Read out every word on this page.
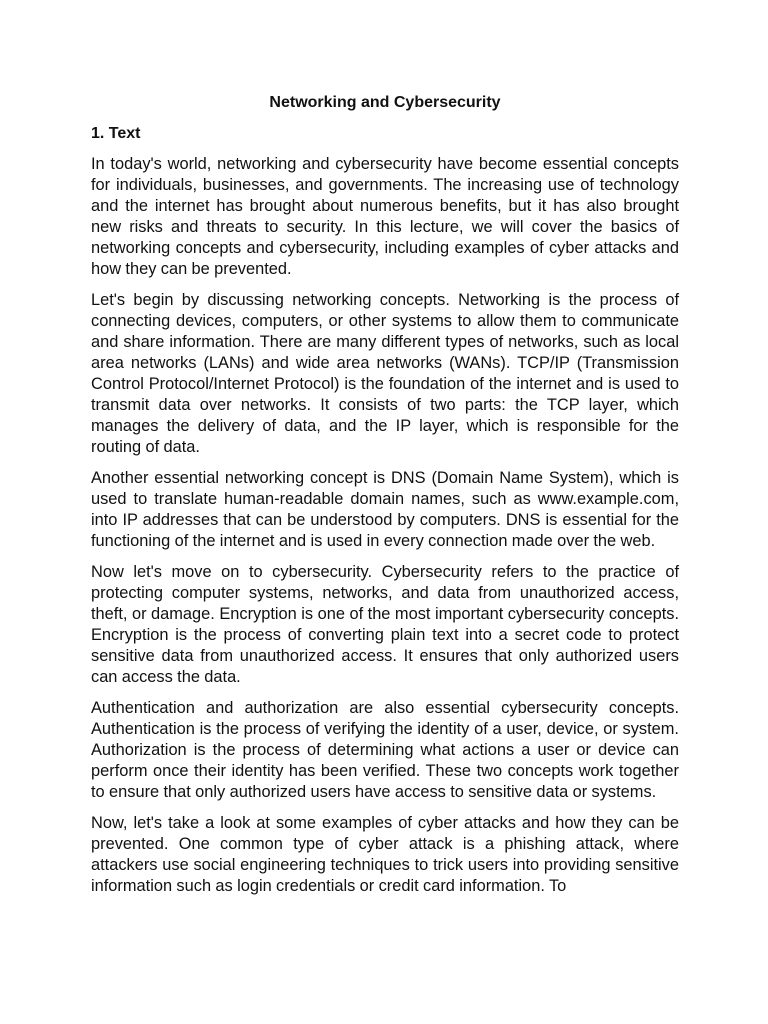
Networking and Cybersecurity
1. Text

In today's world, networking and cybersecurity have become essential concepts for individuals, businesses, and governments. The increasing use of technology and the internet has brought about numerous benefits, but it has also brought new risks and threats to security. In this lecture, we will cover the basics of networking concepts and cybersecurity, including examples of cyber attacks and how they can be prevented.

Let's begin by discussing networking concepts. Networking is the process of connecting devices, computers, or other systems to allow them to communicate and share information. There are many different types of networks, such as local area networks (LANs) and wide area networks (WANs). TCP/IP (Transmission Control Protocol/Internet Protocol) is the foundation of the internet and is used to transmit data over networks. It consists of two parts: the TCP layer, which manages the delivery of data, and the IP layer, which is responsible for the routing of data.

Another essential networking concept is DNS (Domain Name System), which is used to translate human-readable domain names, such as www.example.com, into IP addresses that can be understood by computers. DNS is essential for the functioning of the internet and is used in every connection made over the web.

Now let's move on to cybersecurity. Cybersecurity refers to the practice of protecting computer systems, networks, and data from unauthorized access, theft, or damage. Encryption is one of the most important cybersecurity concepts. Encryption is the process of converting plain text into a secret code to protect sensitive data from unauthorized access. It ensures that only authorized users can access the data.

Authentication and authorization are also essential cybersecurity concepts. Authentication is the process of verifying the identity of a user, device, or system. Authorization is the process of determining what actions a user or device can perform once their identity has been verified. These two concepts work together to ensure that only authorized users have access to sensitive data or systems.

Now, let's take a look at some examples of cyber attacks and how they can be prevented. One common type of cyber attack is a phishing attack, where attackers use social engineering techniques to trick users into providing sensitive information such as login credentials or credit card information. To
